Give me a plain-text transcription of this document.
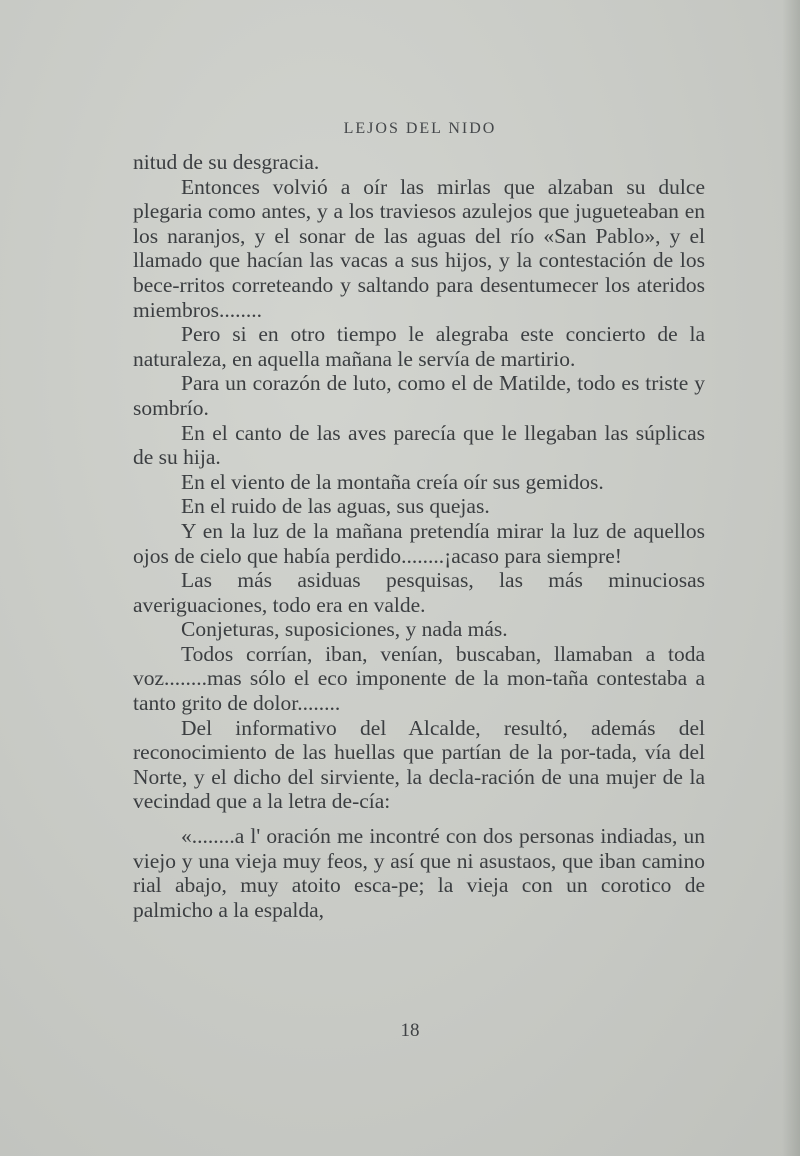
LEJOS DEL NIDO

nitud de su desgracia.

Entonces volvió a oír las mirlas que alzaban su dulce plegaria como antes, y a los traviesos azulejos que jugueteaban en los naranjos, y el sonar de las aguas del río «San Pablo», y el llamado que hacían las vacas a sus hijos, y la contestación de los bece-rritos correteando y saltando para desentumecer los ateridos miembros........

Pero si en otro tiempo le alegraba este concierto de la naturaleza, en aquella mañana le servía de martirio.

Para un corazón de luto, como el de Matilde, todo es triste y sombrío.

En el canto de las aves parecía que le llegaban las súplicas de su hija.

En el viento de la montaña creía oír sus gemidos.

En el ruido de las aguas, sus quejas.

Y en la luz de la mañana pretendía mirar la luz de aquellos ojos de cielo que había perdido........¡acaso para siempre!

Las más asiduas pesquisas, las más minuciosas averiguaciones, todo era en valde.

Conjeturas, suposiciones, y nada más.

Todos corrían, iban, venían, buscaban, llamaban a toda voz........mas sólo el eco imponente de la mon-taña contestaba a tanto grito de dolor........

Del informativo del Alcalde, resultó, además del reconocimiento de las huellas que partían de la por-tada, vía del Norte, y el dicho del sirviente, la decla-ración de una mujer de la vecindad que a la letra de-cía:

«........a l' oración me incontré con dos personas indiadas, un viejo y una vieja muy feos, y así que ni asustaos, que iban camino rial abajo, muy atoito esca-pe; la vieja con un corotico de palmicho a la espalda,

18
